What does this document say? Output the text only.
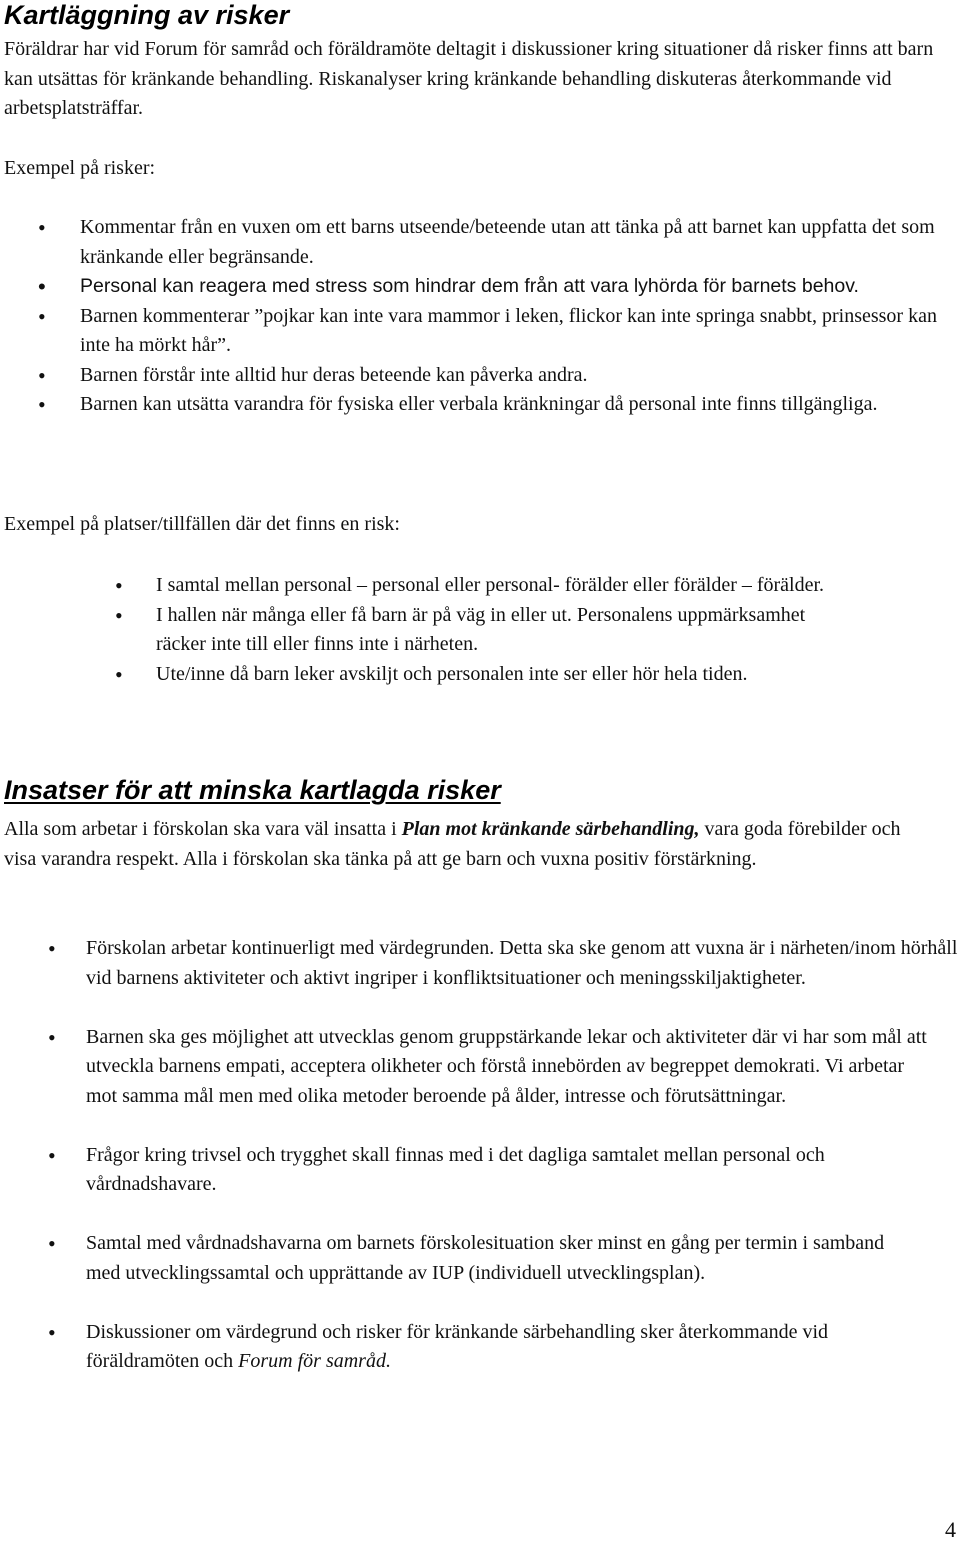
Kartläggning av risker

Föräldrar har vid Forum för samråd och föräldramöte deltagit i diskussioner kring situationer då risker finns att barn kan utsättas för kränkande behandling. Riskanalyser kring kränkande behandling diskuteras återkommande vid arbetsplatsträffar.

Exempel på risker:

• Kommentar från en vuxen om ett barns utseende/beteende utan att tänka på att barnet kan uppfatta det som kränkande eller begränsande.
• Personal kan reagera med stress som hindrar dem från att vara lyhörda för barnets behov.
• Barnen kommenterar ”pojkar kan inte vara mammor i leken, flickor kan inte springa snabbt, prinsessor kan inte ha mörkt hår”.
• Barnen förstår inte alltid hur deras beteende kan påverka andra.
• Barnen kan utsätta varandra för fysiska eller verbala kränkningar då personal inte finns tillgängliga.

Exempel på platser/tillfällen där det finns en risk:

• I samtal mellan personal – personal eller personal- förälder eller förälder – förälder.
• I hallen när många eller få barn är på väg in eller ut. Personalens uppmärksamhet räcker inte till eller finns inte i närheten.
• Ute/inne då barn leker avskiljt och personalen inte ser eller hör hela tiden.
Insatser för att minska kartlagda risker

Alla som arbetar i förskolan ska vara väl insatta i Plan mot kränkande särbehandling, vara goda förebilder och visa varandra respekt. Alla i förskolan ska tänka på att ge barn och vuxna positiv förstärkning.

• Förskolan arbetar kontinuerligt med värdegrunden. Detta ska ske genom att vuxna är i närheten/inom hörhåll vid barnens aktiviteter och aktivt ingriper i konfliktsituationer och meningsskiljaktigheter.
• Barnen ska ges möjlighet att utvecklas genom gruppstärkande lekar och aktiviteter där vi har som mål att utveckla barnens empati, acceptera olikheter och förstå innebörden av begreppet demokrati. Vi arbetar mot samma mål men med olika metoder beroende på ålder, intresse och förutsättningar.
• Frågor kring trivsel och trygghet skall finnas med i det dagliga samtalet mellan personal och vårdnadshavare.
• Samtal med vårdnadshavarna om barnets förskolesituation sker minst en gång per termin i samband med utvecklingssamtal och upprättande av IUP (individuell utvecklingsplan).
• Diskussioner om värdegrund och risker för kränkande särbehandling sker återkommande vid föräldramöten och Forum för samråd.
4
